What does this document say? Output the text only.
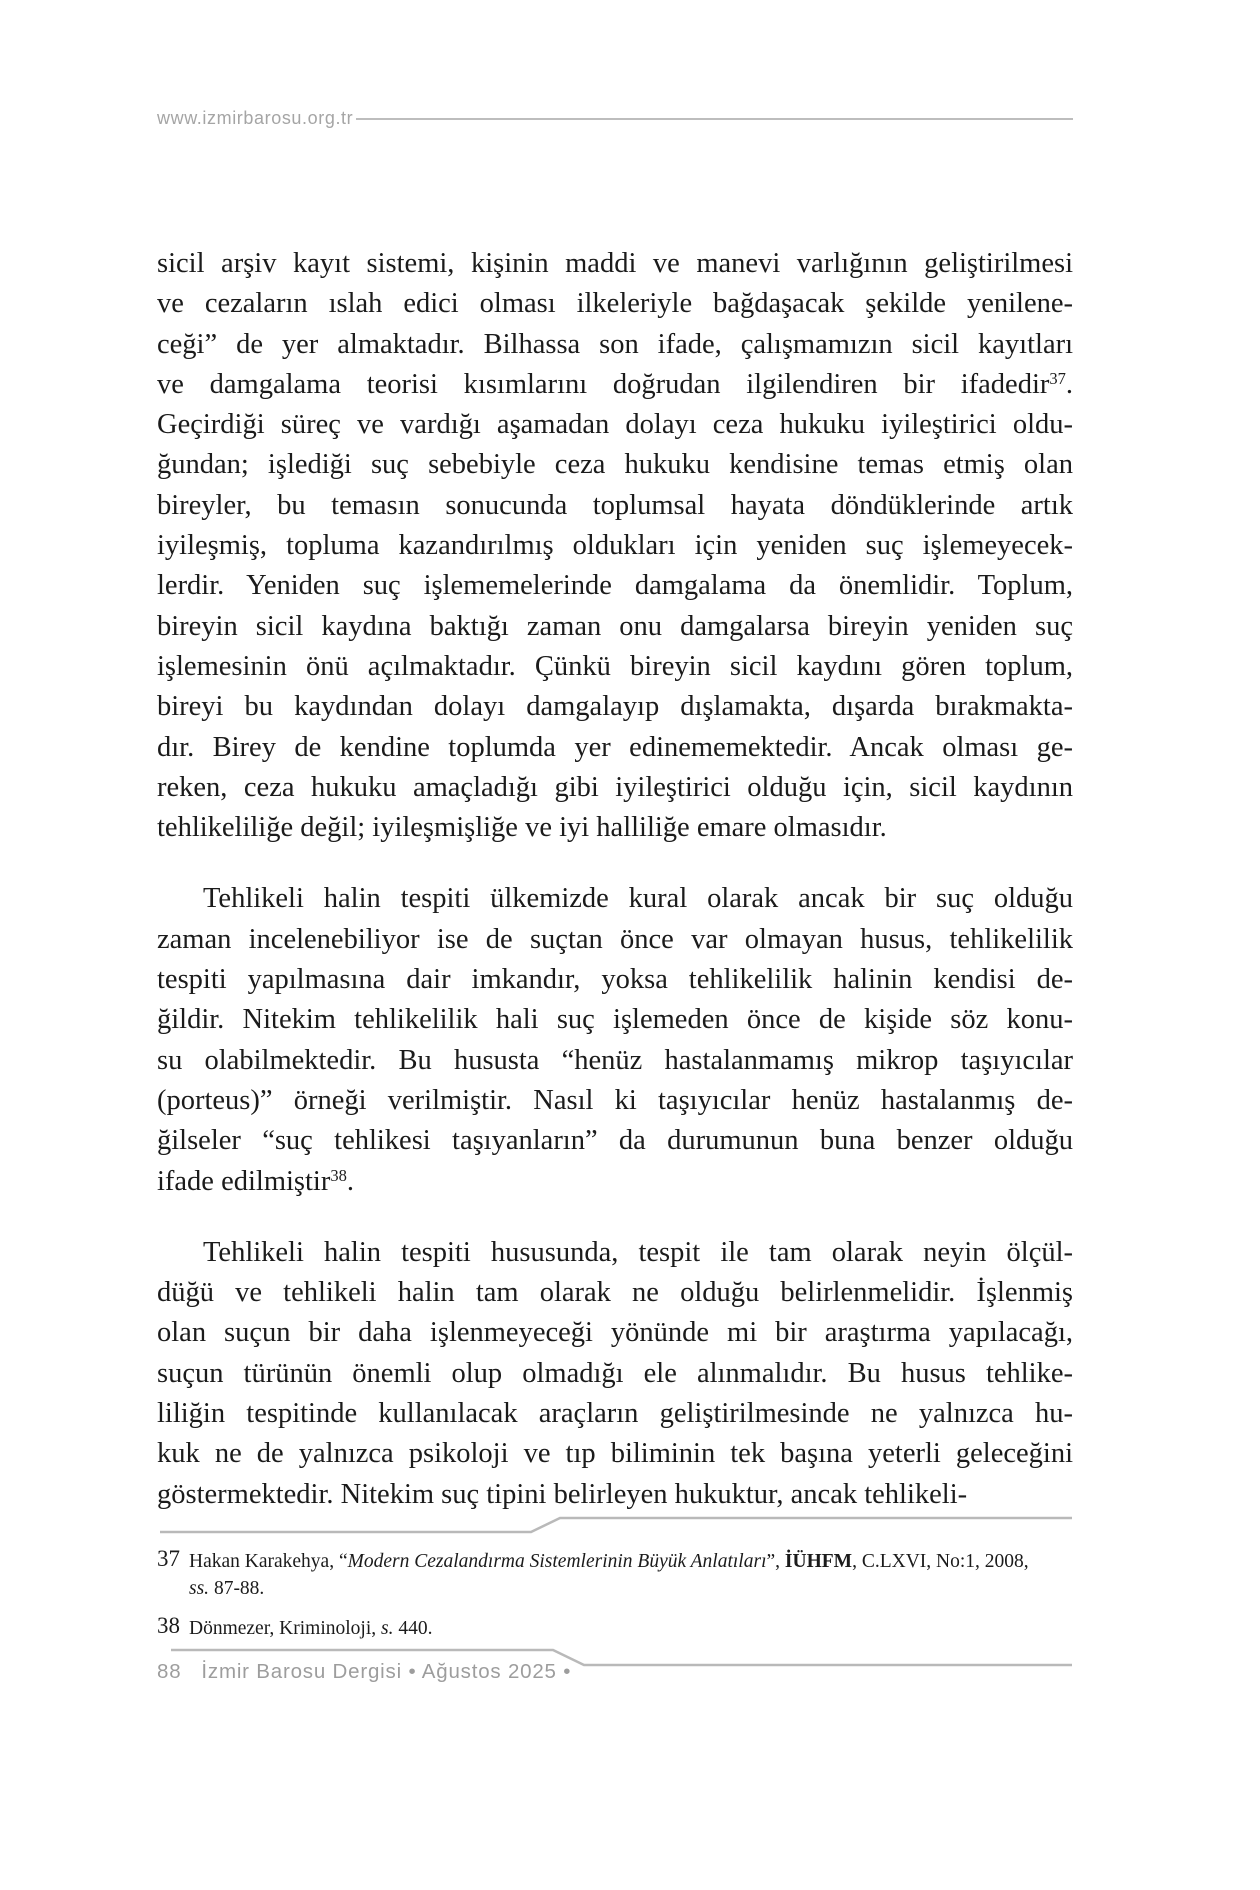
www.izmirbarosu.org.tr
sicil arşiv kayıt sistemi, kişinin maddi ve manevi varlığının geliştirilmesi
ve cezaların ıslah edici olması ilkeleriyle bağdaşacak şekilde yenilene-
ceği” de yer almaktadır. Bilhassa son ifade, çalışmamızın sicil kayıtları
ve damgalama teorisi kısımlarını doğrudan ilgilendiren bir ifadedir$^{37}$.
Geçirdiği süreç ve vardığı aşamadan dolayı ceza hukuku iyileştirici oldu-
ğundan; işlediği suç sebebiyle ceza hukuku kendisine temas etmiş olan
bireyler, bu temasın sonucunda toplumsal hayata döndüklerinde artık
iyileşmiş, topluma kazandırılmış oldukları için yeniden suç işlemeyecek-
lerdir. Yeniden suç işlememelerinde damgalama da önemlidir. Toplum,
bireyin sicil kaydına baktığı zaman onu damgalarsa bireyin yeniden suç
işlemesinin önü açılmaktadır. Çünkü bireyin sicil kaydını gören toplum,
bireyi bu kaydından dolayı damgalayıp dışlamakta, dışarda bırakmakta-
dır. Birey de kendine toplumda yer edinememektedir. Ancak olması ge-
reken, ceza hukuku amaçladığı gibi iyileştirici olduğu için, sicil kaydının
tehlikeliliğe değil; iyileşmişliğe ve iyi halliliğe emare olmasıdır.
Tehlikeli halin tespiti ülkemizde kural olarak ancak bir suç olduğu
zaman incelenebiliyor ise de suçtan önce var olmayan husus, tehlikelilik
tespiti yapılmasına dair imkandır, yoksa tehlikelilik halinin kendisi de-
ğildir. Nitekim tehlikelilik hali suç işlemeden önce de kişide söz konu-
su olabilmektedir. Bu hususta “henüz hastalanmamış mikrop taşıyıcılar
(porteus)” örneği verilmiştir. Nasıl ki taşıyıcılar henüz hastalanmış de-
ğilseler “suç tehlikesi taşıyanların” da durumunun buna benzer olduğu
ifade edilmiştir$^{38}$.
Tehlikeli halin tespiti hususunda, tespit ile tam olarak neyin ölçül-
düğü ve tehlikeli halin tam olarak ne olduğu belirlenmelidir. İşlenmiş
olan suçun bir daha işlenmeyeceği yönünde mi bir araştırma yapılacağı,
suçun türünün önemli olup olmadığı ele alınmalıdır. Bu husus tehlike-
liliğin tespitinde kullanılacak araçların geliştirilmesinde ne yalnızca hu-
kuk ne de yalnızca psikoloji ve tıp biliminin tek başına yeterli geleceğini
göstermektedir. Nitekim suç tipini belirleyen hukuktur, ancak tehlikeli-
37 Hakan Karakehya, “Modern Cezalandırma Sistemlerinin Büyük Anlatıları”, İÜHFM, C.LXVI, No:1, 2008,
ss. 87-88.
38 Dönmezer, Kriminoloji, s. 440.
88 İzmir Barosu Dergisi • Ağustos 2025 •
